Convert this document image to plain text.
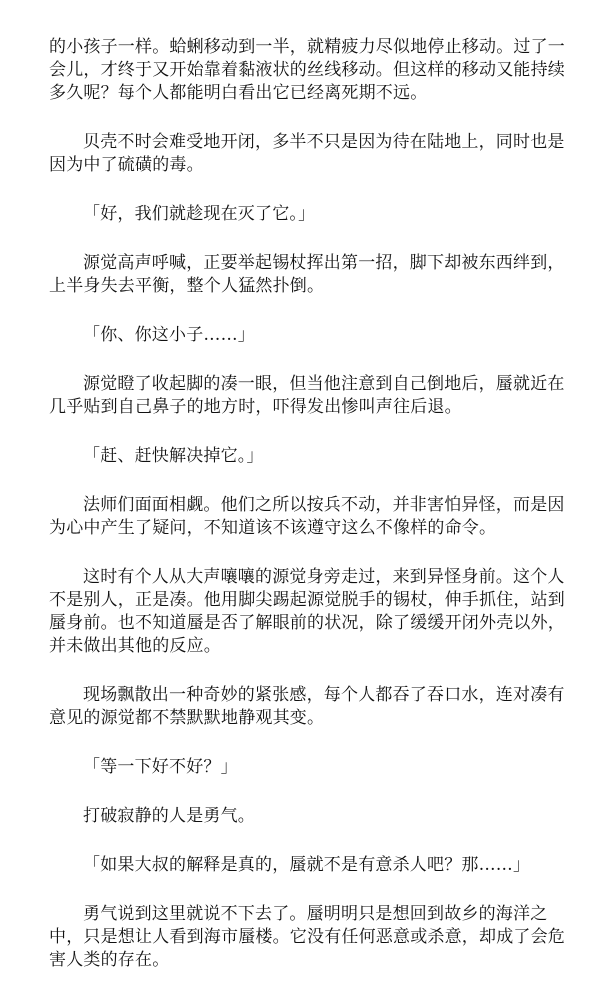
的小孩子一样。蛤蜊移动到一半，就精疲力尽似地停止移动。过了一会儿，才终于又开始靠着黏液状的丝线移动。但这样的移动又能持续多久呢？每个人都能明白看出它已经离死期不远。

贝壳不时会难受地开闭，多半不只是因为待在陆地上，同时也是因为中了硫磺的毒。

「好，我们就趁现在灭了它。」

源觉高声呼喊，正要举起锡杖挥出第一招，脚下却被东西绊到，上半身失去平衡，整个人猛然扑倒。

「你、你这小子……」

源觉瞪了收起脚的凑一眼，但当他注意到自己倒地后，蜃就近在几乎贴到自己鼻子的地方时，吓得发出惨叫声往后退。

「赶、赶快解决掉它。」

法师们面面相觑。他们之所以按兵不动，并非害怕异怪，而是因为心中产生了疑问，不知道该不该遵守这么不像样的命令。

这时有个人从大声嚷嚷的源觉身旁走过，来到异怪身前。这个人不是别人，正是凑。他用脚尖踢起源觉脱手的锡杖，伸手抓住，站到蜃身前。也不知道蜃是否了解眼前的状况，除了缓缓开闭外壳以外，并未做出其他的反应。

现场飘散出一种奇妙的紧张感，每个人都吞了吞口水，连对凑有意见的源觉都不禁默默地静观其变。

「等一下好不好？」

打破寂静的人是勇气。

「如果大叔的解释是真的，蜃就不是有意杀人吧？那……」

勇气说到这里就说不下去了。蜃明明只是想回到故乡的海洋之中，只是想让人看到海市蜃楼。它没有任何恶意或杀意，却成了会危害人类的存在。
